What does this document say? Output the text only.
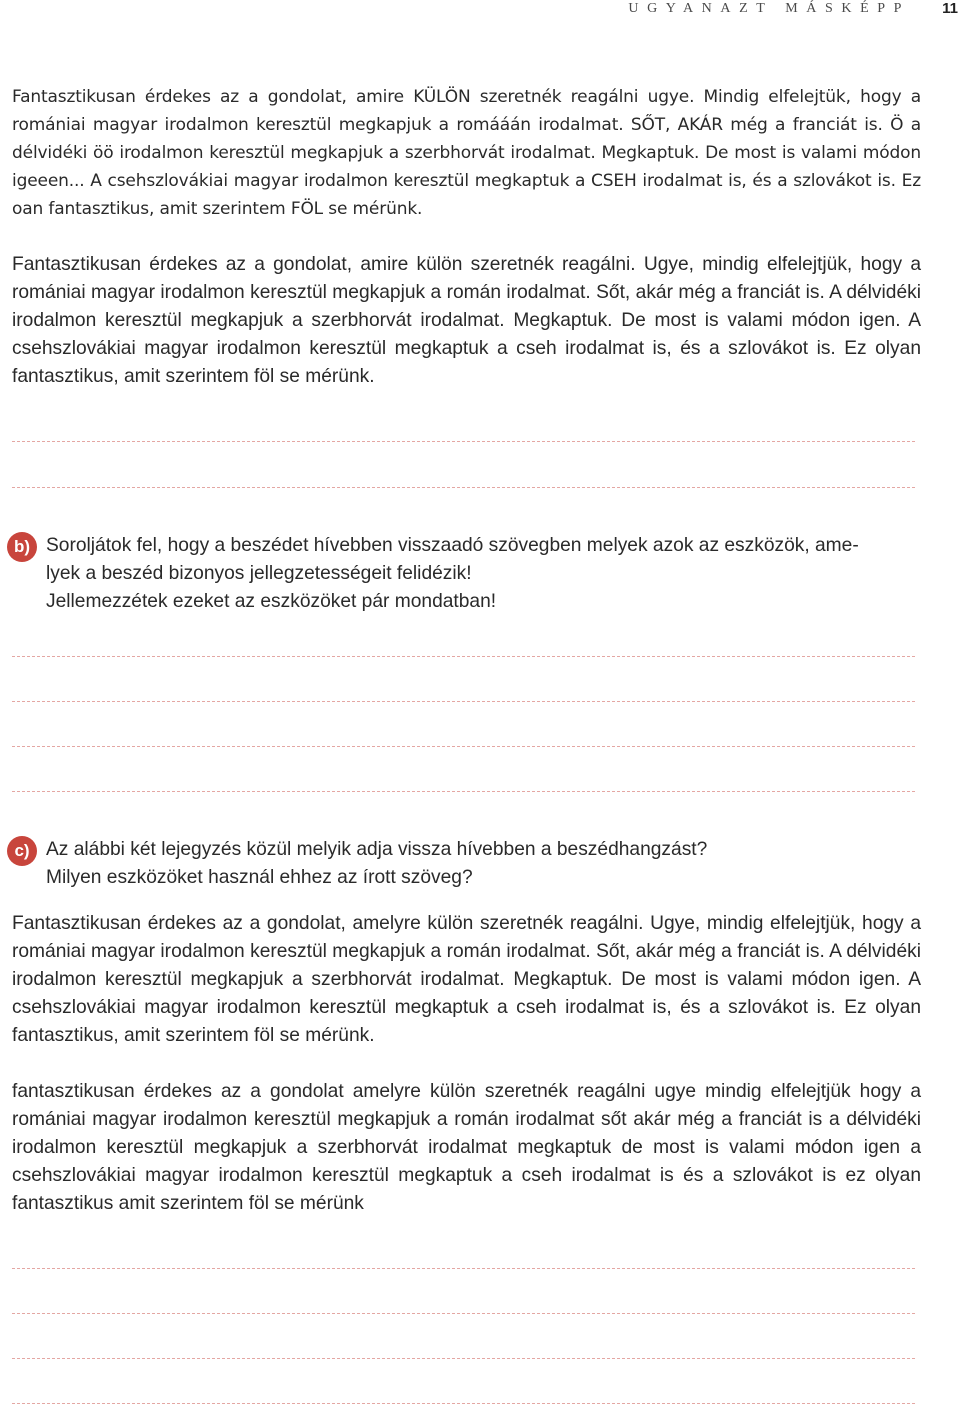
UGYANAZT MÁSKÉPP	11

Fantasztikusan érdekes az a gondolat, amire KÜLÖN szeretnék reagálni ugye. Mindig elfelejtük, hogy a romániai magyar irodalmon keresztül megkapjuk a romááán irodalmat. SŐT, AKÁR még a franciát is. Ö a délvidéki öö irodalmon keresztül megkapjuk a szerbhorvát irodalmat. Megkaptuk. De most is valami módon igeeen... A csehszlovákiai magyar irodalmon keresztül megkaptuk a CSEH irodalmat is, és a szlovákot is. Ez oan fantasztikus, amit szerintem FÖL se mérünk.

Fantasztikusan érdekes az a gondolat, amire külön szeretnék reagálni. Ugye, mindig elfelejtjük, hogy a romániai magyar irodalmon keresztül megkapjuk a román irodalmat. Sőt, akár még a franciát is. A délvidéki irodalmon keresztül megkapjuk a szerbhorvát irodalmat. Megkaptuk. De most is valami módon igen. A csehszlovákiai magyar irodalmon keresztül megkaptuk a cseh irodalmat is, és a szlovákot is. Ez olyan fantasztikus, amit szerintem föl se mérünk.

b) Soroljátok fel, hogy a beszédet hívebben visszaadó szövegben melyek azok az eszközök, ame-
lyek a beszéd bizonyos jellegzetességeit felidézik!
Jellemezzétek ezeket az eszközöket pár mondatban!

c) Az alábbi két lejegyzés közül melyik adja vissza hívebben a beszédhangzást?
Milyen eszközöket használ ehhez az írott szöveg?

Fantasztikusan érdekes az a gondolat, amelyre külön szeretnék reagálni. Ugye, mindig elfelejtjük, hogy a romániai magyar irodalmon keresztül megkapjuk a román irodalmat. Sőt, akár még a franciát is. A délvidéki irodalmon keresztül megkapjuk a szerbhorvát irodalmat. Megkaptuk. De most is valami módon igen. A csehszlovákiai magyar irodalmon keresztül megkaptuk a cseh irodalmat is, és a szlovákot is. Ez olyan fantasztikus, amit szerintem föl se mérünk.

fantasztikusan érdekes az a gondolat amelyre külön szeretnék reagálni ugye mindig elfelejtjük hogy a romániai magyar irodalmon keresztül megkapjuk a román irodalmat sőt akár még a franciát is a délvidéki irodalmon keresztül megkapjuk a szerbhorvát irodalmat megkaptuk de most is valami módon igen a csehszlovákiai magyar irodalmon keresztül megkaptuk a cseh irodalmat is és a szlovákot is ez olyan fantasztikus amit szerintem föl se mérünk
